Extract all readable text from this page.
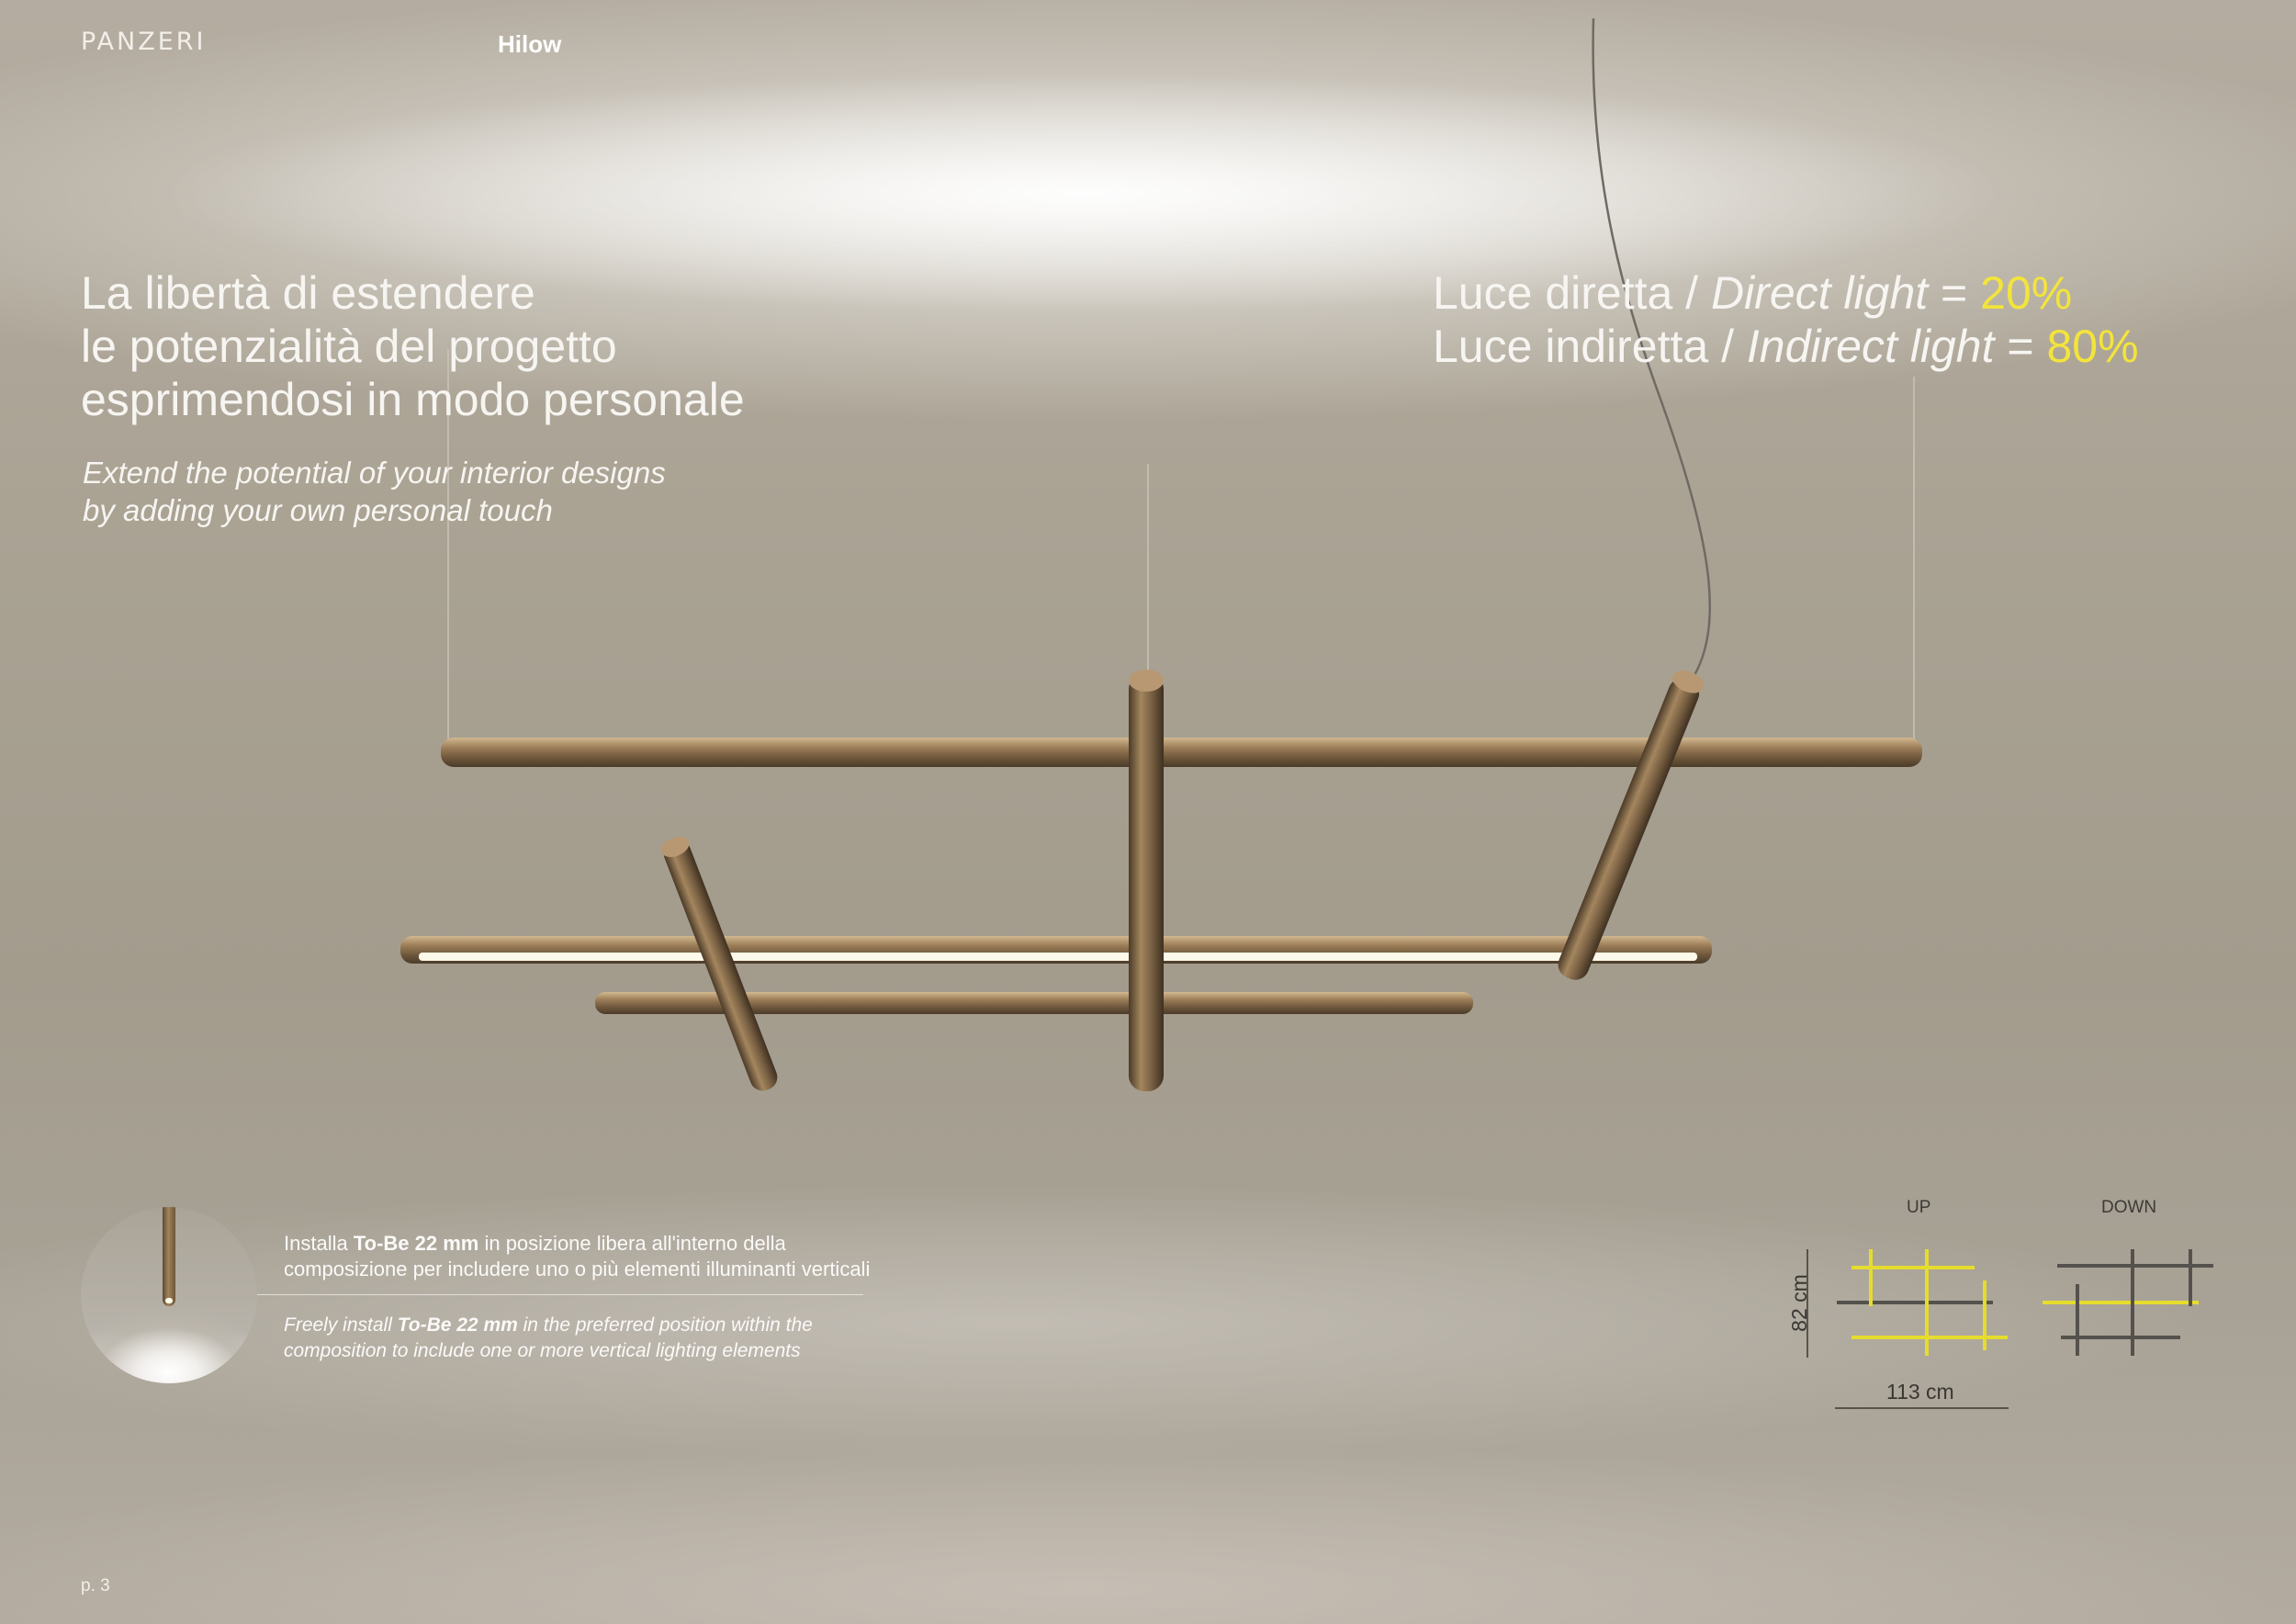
PANZERI	Hilow
La libertà di estendere
le potenzialità del progetto
esprimendosi in modo personale
Extend the potential of your interior designs
by adding your own personal touch
Luce diretta / Direct light = 20%
Luce indiretta / Indirect light = 80%
Installa To-Be 22 mm in posizione libera all'interno della composizione per includere uno o più elementi illuminanti verticali
Freely install To-Be 22 mm in the preferred position within the composition to include one or more vertical lighting elements
UP	DOWN
113 cm
82 cm
p. 3
